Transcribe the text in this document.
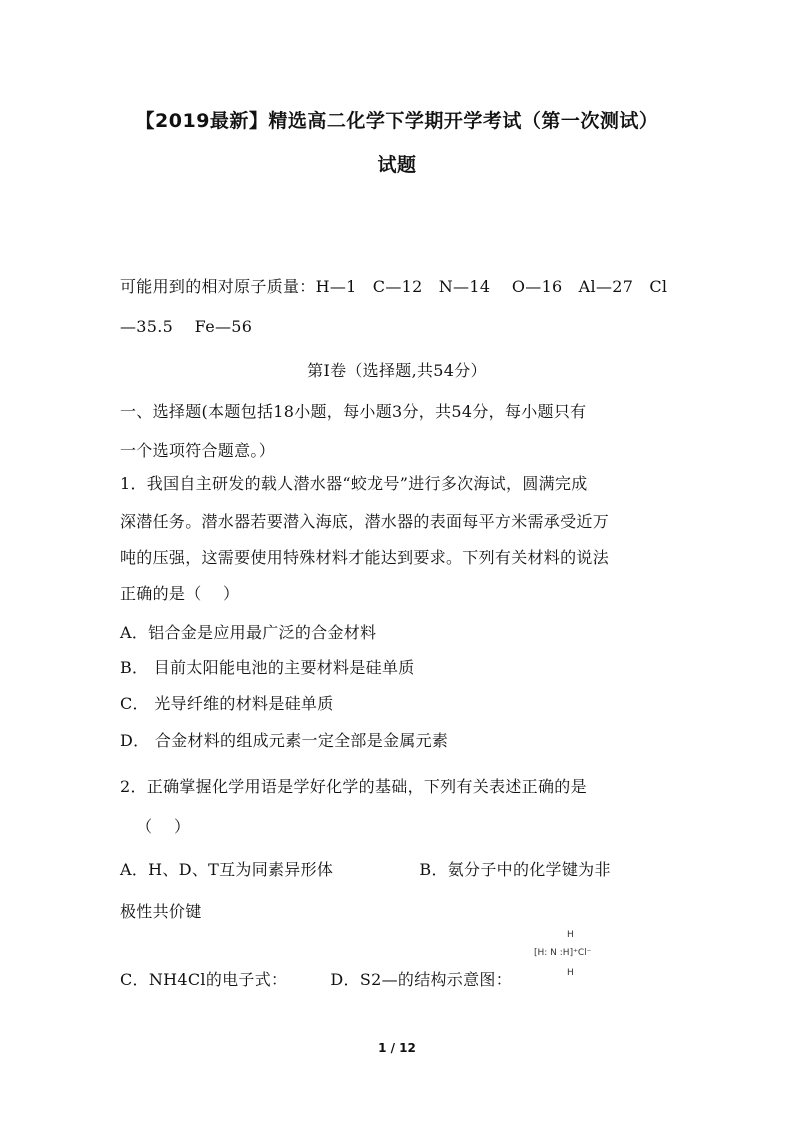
【2019最新】精选高二化学下学期开学考试（第一次测试）
试题
可能用到的相对原子质量：H—1   C—12   N—14    O—16   Al—27   Cl
—35.5    Fe—56
第Ⅰ卷（选择题,共54分）
一、选择题(本题包括18小题，每小题3分，共54分，每小题只有
一个选项符合题意。）
1．我国自主研发的载人潜水器“蛟龙号”进行多次海试，圆满完成
深潜任务。潜水器若要潜入海底，潜水器的表面每平方米需承受近万
吨的压强，这需要使用特殊材料才能达到要求。下列有关材料的说法
正确的是（    ）
A．铝合金是应用最广泛的合金材料
B． 目前太阳能电池的主要材料是硅单质
C． 光导纤维的材料是硅单质
D． 合金材料的组成元素一定全部是金属元素
2．正确掌握化学用语是学好化学的基础，下列有关表述正确的是
（    ）
A．H、D、T互为同素异形体                B．氨分子中的化学键为非
极性共价键
C．NH4Cl的电子式：        D．S2—的结构示意图：
H
[H: N :H]⁺Cl⁻
H
1 / 12
